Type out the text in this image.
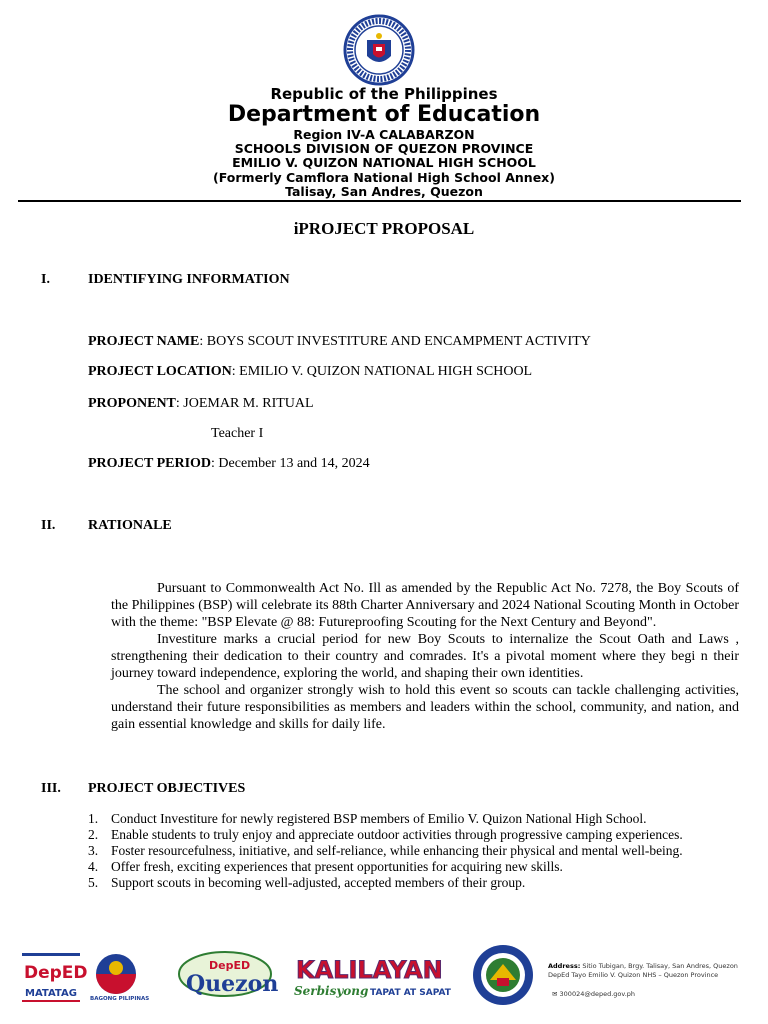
Republic of the Philippines
Department of Education
Region IV-A CALABARZON
SCHOOLS DIVISION OF QUEZON PROVINCE
EMILIO V. QUIZON NATIONAL HIGH SCHOOL
(Formerly Camflora National High School Annex)
Talisay, San Andres, Quezon
iPROJECT PROPOSAL
I.	IDENTIFYING INFORMATION
PROJECT NAME: BOYS SCOUT INVESTITURE AND ENCAMPMENT ACTIVITY
PROJECT LOCATION: EMILIO V. QUIZON NATIONAL HIGH SCHOOL
PROPONENT: JOEMAR M. RITUAL
Teacher I
PROJECT PERIOD: December 13 and 14, 2024
II. RATIONALE

Pursuant to Commonwealth Act No. Ill as amended by the Republic Act No. 7278, the Boy Scouts of the Philippines (BSP) will celebrate its 88th Charter Anniversary and 2024 National Scouting Month in October with the theme: "BSP Elevate @ 88: Futureproofing Scouting for the Next Century and Beyond".

Investiture marks a crucial period for new Boy Scouts to internalize the Scout Oath and Laws , strengthening their dedication to their country and comrades. It's a pivotal moment where they begi n their journey toward independence, exploring the world, and shaping their own identities.

The school and organizer strongly wish to hold this event so scouts can tackle challenging activities, understand their future responsibilities as members and leaders within the school, community, and nation, and gain essential knowledge and skills for daily life.

III. PROJECT OBJECTIVES
1. Conduct Investiture for newly registered BSP members of Emilio V. Quizon National High School.
2. Enable students to truly enjoy and appreciate outdoor activities through progressive camping experiences.
3. Foster resourcefulness, initiative, and self-reliance, while enhancing their physical and mental well-being.
4. Offer fresh, exciting experiences that present opportunities for acquiring new skills.
5. Support scouts in becoming well-adjusted, accepted members of their group.
DepED
MATATAG BAGONG PILIPINAS
DepED
Quezon KALILAYAN
Serbisyong TAPAT AT SAPAT
Address: Sitio Tubigan, Brgy. Talisay, San Andres, Quezon
DepEd Tayo Emilio V. Quizon NHS – Quezon Province
✉ 300024@deped.gov.ph
